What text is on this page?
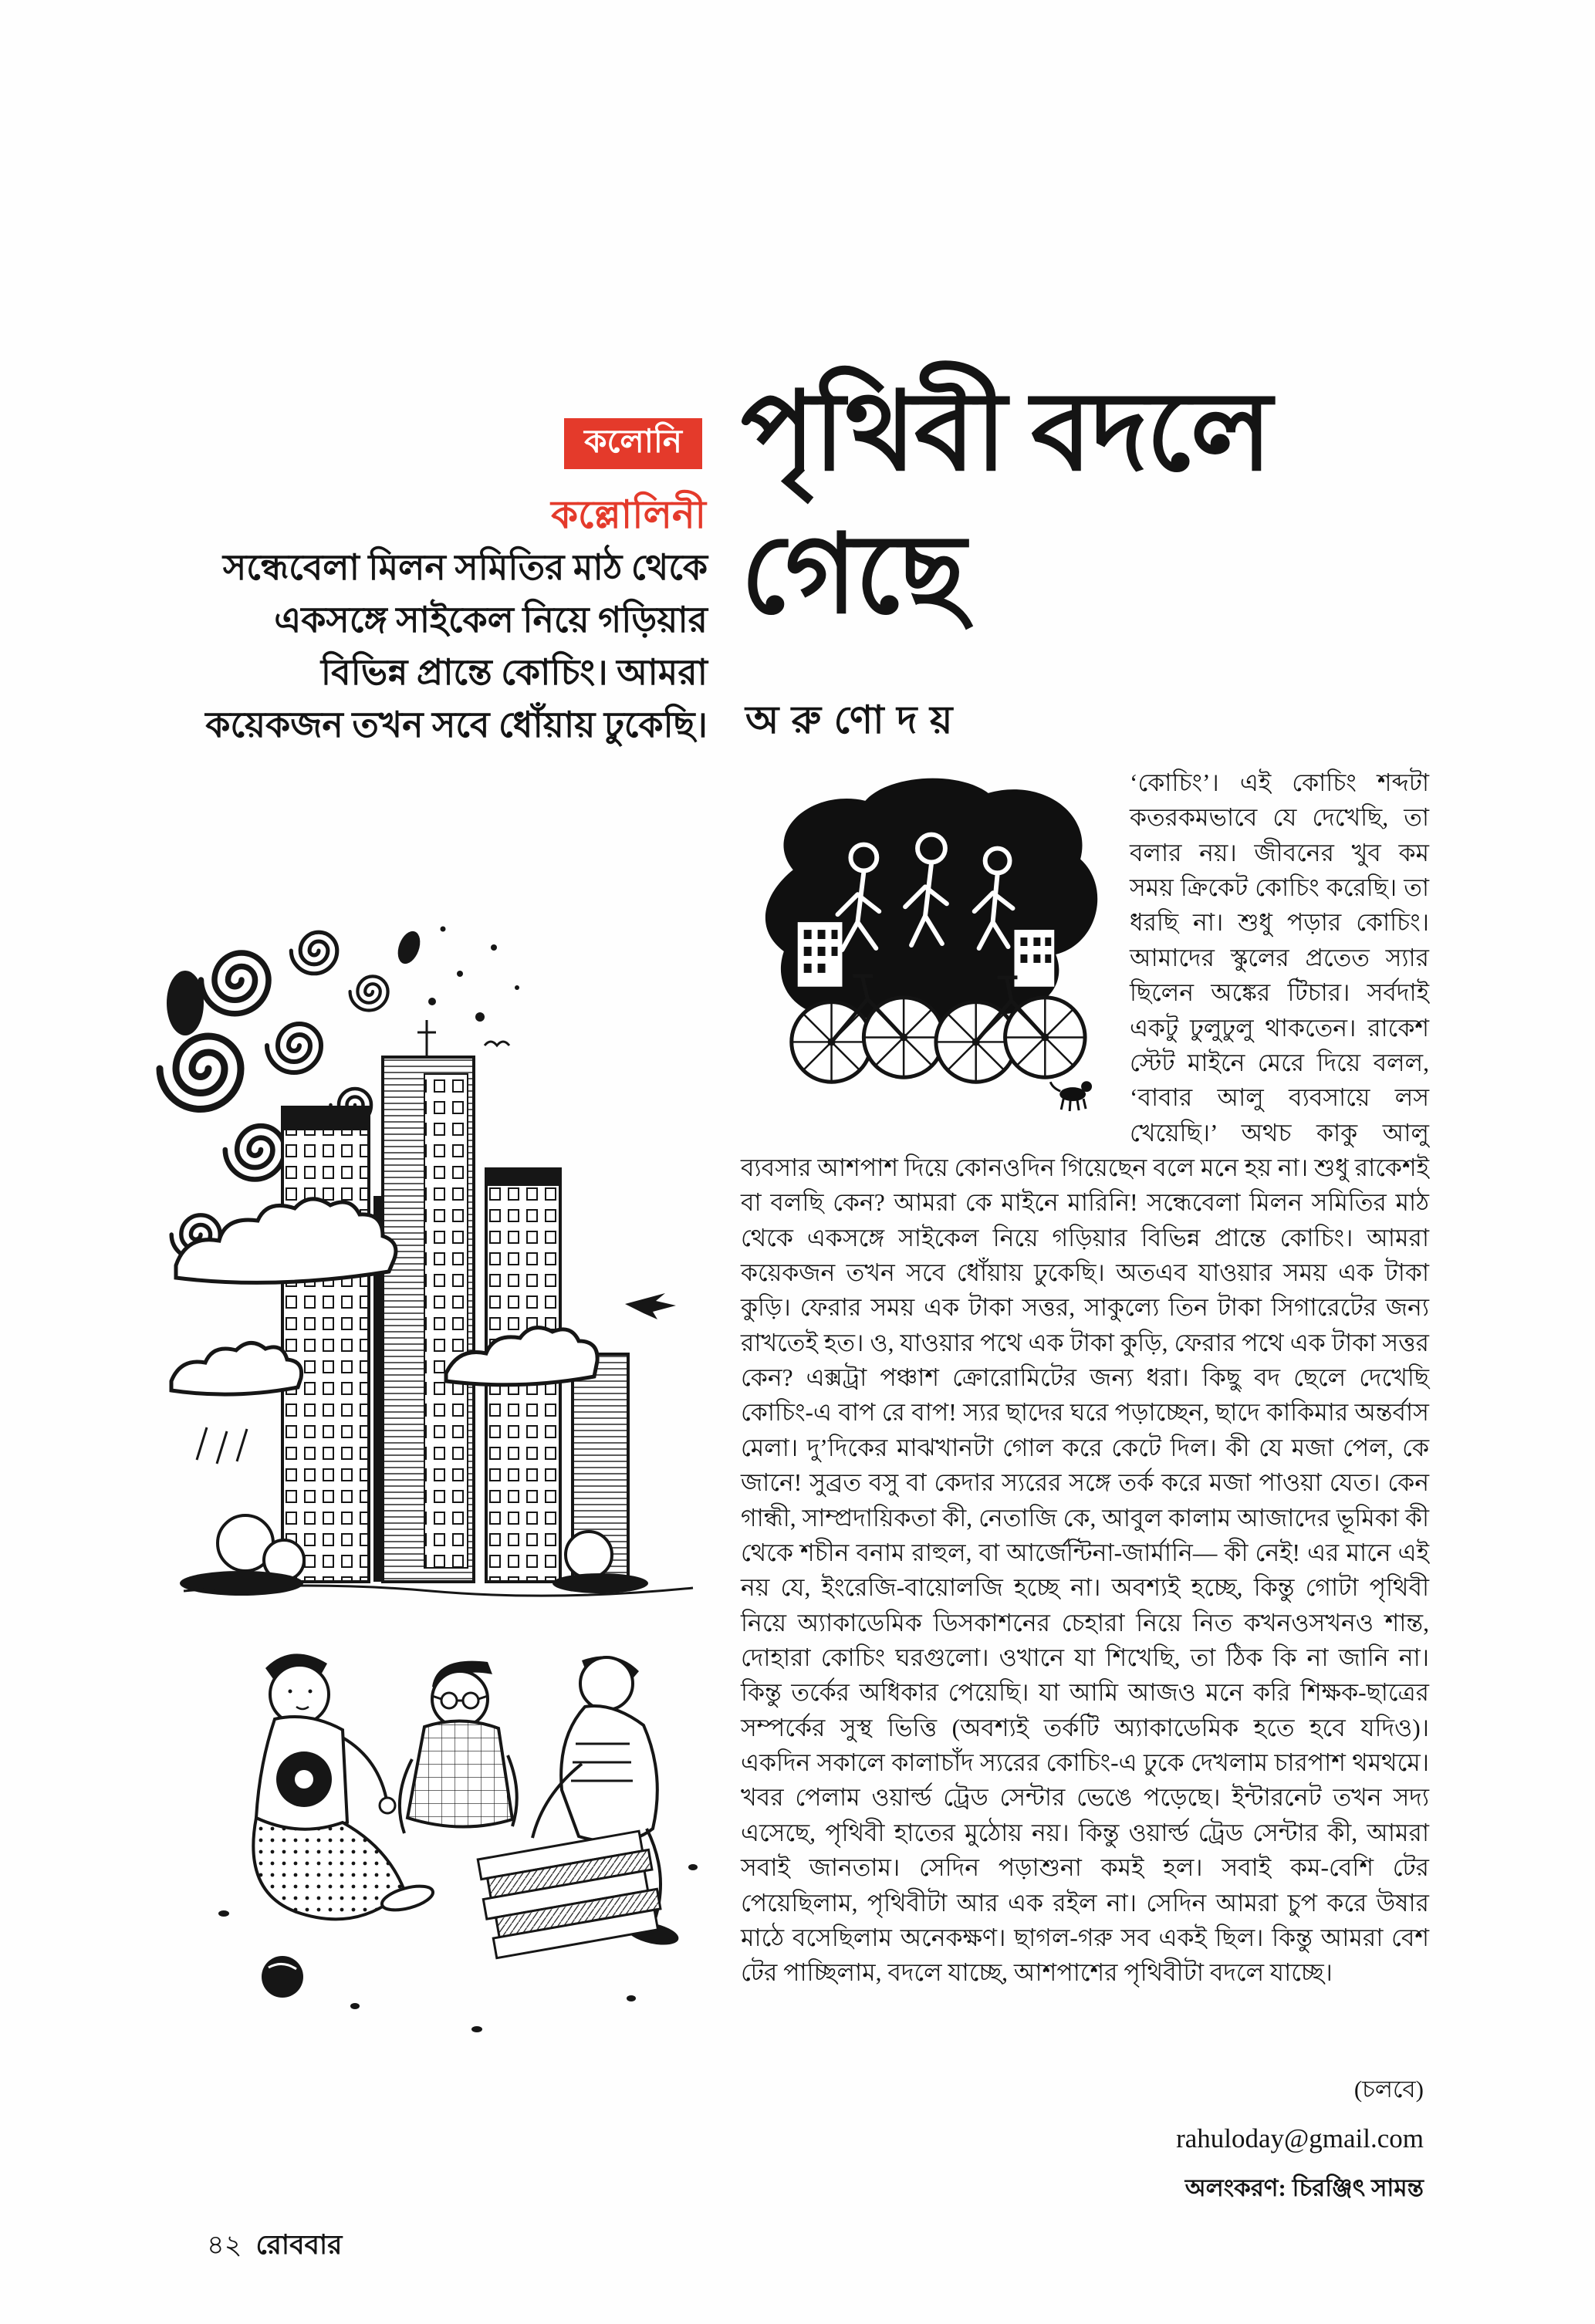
কলোনি
কল্লোলিনী
সন্ধেবেলা মিলন সমিতির মাঠ থেকে একসঙ্গে সাইকেল নিয়ে গড়িয়ার বিভিন্ন প্রান্তে কোচিং। আমরা কয়েকজন তখন সবে ধোঁয়ায় ঢুকেছি।
পৃথিবী বদলে
গেছে
অ রু ণো দ য়

‘কোচিং’। এই কোচিং শব্দটা কতরকমভাবে যে দেখেছি, তা বলার নয়। জীবনের খুব কম সময় ক্রিকেট কোচিং করেছি। তা ধরছি না। শুধু পড়ার কোচিং। আমাদের স্কুলের প্রতেত স্যার ছিলেন অঙ্কের টিচার। সর্বদাই একটু ঢুলুঢুলু থাকতেন। রাকেশ স্টেট মাইনে মেরে দিয়ে বলল, ‘বাবার আলু ব্যবসায়ে লস খেয়েছি।’ অথচ কাকু আলু ব্যবসার আশপাশ দিয়ে কোনওদিন গিয়েছেন বলে মনে হয় না। শুধু রাকেশই বা বলছি কেন? আমরা কে মাইনে মারিনি! সন্ধেবেলা মিলন সমিতির মাঠ থেকে একসঙ্গে সাইকেল নিয়ে গড়িয়ার বিভিন্ন প্রান্তে কোচিং। আমরা কয়েকজন তখন সবে ধোঁয়ায় ঢুকেছি। অতএব যাওয়ার সময় এক টাকা কুড়ি। ফেরার সময় এক টাকা সত্তর, সাকুল্যে তিন টাকা সিগারেটের জন্য রাখতেই হত। ও, যাওয়ার পথে এক টাকা কুড়ি, ফেরার পথে এক টাকা সত্তর কেন? এক্সট্রা পঞ্চাশ ক্রোরোমিটের জন্য ধরা। কিছু বদ ছেলে দেখেছি কোচিং-এ বাপ রে বাপ! স্যর ছাদের ঘরে পড়াচ্ছেন, ছাদে কাকিমার অন্তর্বাস মেলা। দু’দিকের মাঝখানটা গোল করে কেটে দিল। কী যে মজা পেল, কে জানে! সুব্রত বসু বা কেদার স্যরের সঙ্গে তর্ক করে মজা পাওয়া যেত। কেন গান্ধী, সাম্প্রদায়িকতা কী, নেতাজি কে, আবুল কালাম আজাদের ভূমিকা কী থেকে শচীন বনাম রাহুল, বা আর্জেন্টিনা-জার্মানি— কী নেই! এর মানে এই নয় যে, ইংরেজি-বায়োলজি হচ্ছে না। অবশ্যই হচ্ছে, কিন্তু গোটা পৃথিবী নিয়ে অ্যাকাডেমিক ডিসকাশনের চেহারা নিয়ে নিত কখনওসখনও শান্ত, দোহারা কোচিং ঘরগুলো। ওখানে যা শিখেছি, তা ঠিক কি না জানি না। কিন্তু তর্কের অধিকার পেয়েছি। যা আমি আজও মনে করি শিক্ষক-ছাত্রের সম্পর্কের সুস্থ ভিত্তি (অবশ্যই তর্কটি অ্যাকাডেমিক হতে হবে যদিও)। একদিন সকালে কালাচাঁদ স্যরের কোচিং-এ ঢুকে দেখলাম চারপাশ থমথমে। খবর পেলাম ওয়ার্ল্ড ট্রেড সেন্টার ভেঙে পড়েছে। ইন্টারনেট তখন সদ্য এসেছে, পৃথিবী হাতের মুঠোয় নয়। কিন্তু ওয়ার্ল্ড ট্রেড সেন্টার কী, আমরা সবাই জানতাম। সেদিন পড়াশুনা কমই হল। সবাই কম-বেশি টের পেয়েছিলাম, পৃথিবীটা আর এক রইল না। সেদিন আমরা চুপ করে উষার মাঠে বসেছিলাম অনেকক্ষণ। ছাগল-গরু সব একই ছিল। কিন্তু আমরা বেশ টের পাচ্ছিলাম, বদলে যাচ্ছে, আশপাশের পৃথিবীটা বদলে যাচ্ছে।

(চলবে)
rahuloday@gmail.com
অলংকরণ: চিরঞ্জিৎ সামন্ত
৪২ রোববার
